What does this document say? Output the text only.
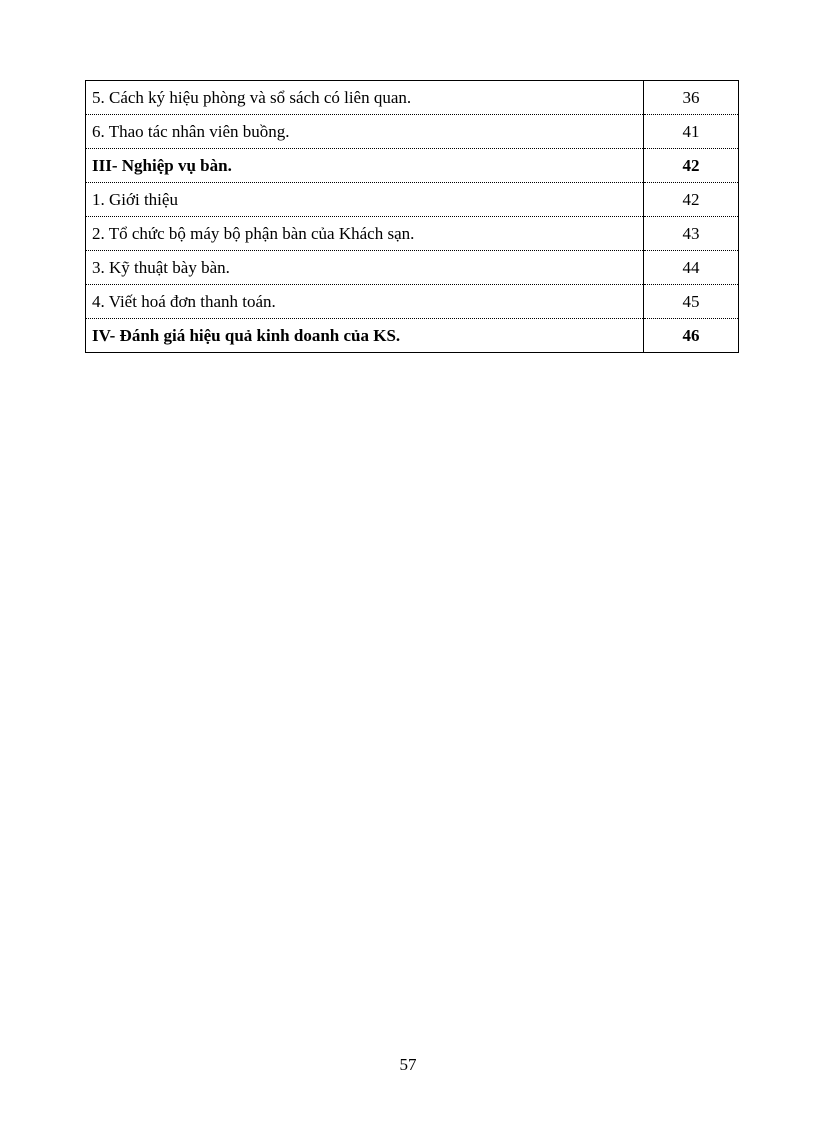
5. Cách ký hiệu phòng và sổ sách có liên quan.	36
6. Thao tác nhân viên buồng.	41
III- Nghiệp vụ bàn.	42
1. Giới thiệu	42
2. Tổ chức bộ máy bộ phận bàn của Khách sạn.	43
3. Kỹ thuật bày bàn.	44
4. Viết hoá đơn thanh toán.	45
IV- Đánh giá hiệu quả kinh doanh của KS.	46
57
